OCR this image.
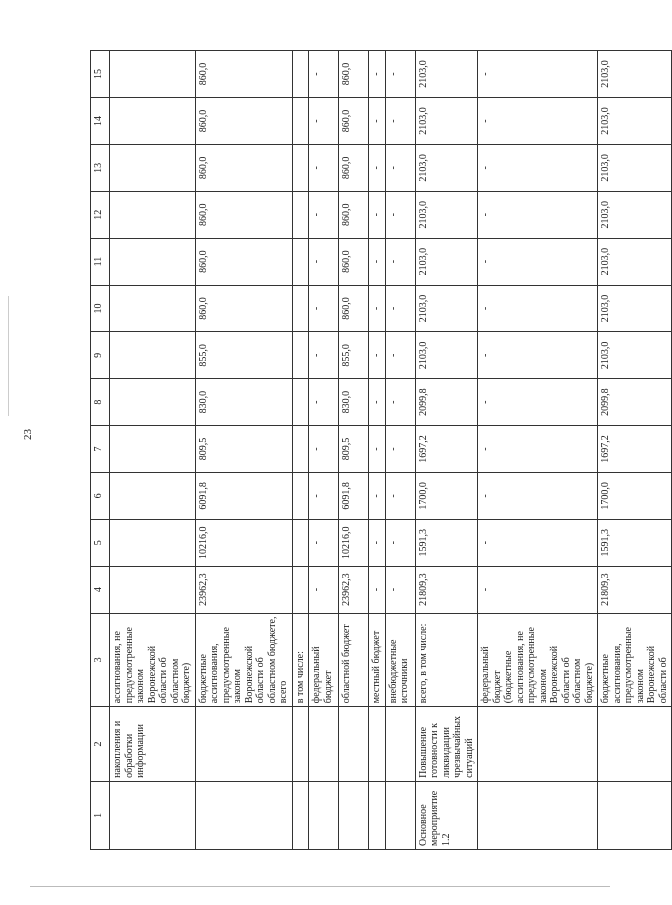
23
1	2	3	4	5	6	7	8	9	10	11	12	13	14	15
	накопления и обработки информации	ассигнования, не предусмотренные законом Воронежской области об областном бюджете)												
		бюджетные ассигнования, предусмотренные законом Воронежской области об областном бюджете, всего	23962,3	10216,0	6091,8	809,5	830,0	855,0	860,0	860,0	860,0	860,0	860,0	860,0
		в том числе:												
		федеральный бюджет	-	-	-	-	-	-	-	-	-	-	-	-
		областной бюджет	23962,3	10216,0	6091,8	809,5	830,0	855,0	860,0	860,0	860,0	860,0	860,0	860,0
		местный бюджет	-	-	-	-	-	-	-	-	-	-	-	-
		внебюджетные источники	-	-	-	-	-	-	-	-	-	-	-	-
Основное мероприятие 1.2	Повышение готовности к ликвидации чрезвычайных ситуаций	всего, в том числе:	21809,3	1591,3	1700,0	1697,2	2099,8	2103,0	2103,0	2103,0	2103,0	2103,0	2103,0	2103,0
		федеральный бюджет (бюджетные ассигнования, не предусмотренные законом Воронежской области об областном бюджете)	-	-	-	-	-	-	-	-	-	-	-	-
		бюджетные ассигнования, предусмотренные законом Воронежской области об	21809,3	1591,3	1700,0	1697,2	2099,8	2103,0	2103,0	2103,0	2103,0	2103,0	2103,0	2103,0
